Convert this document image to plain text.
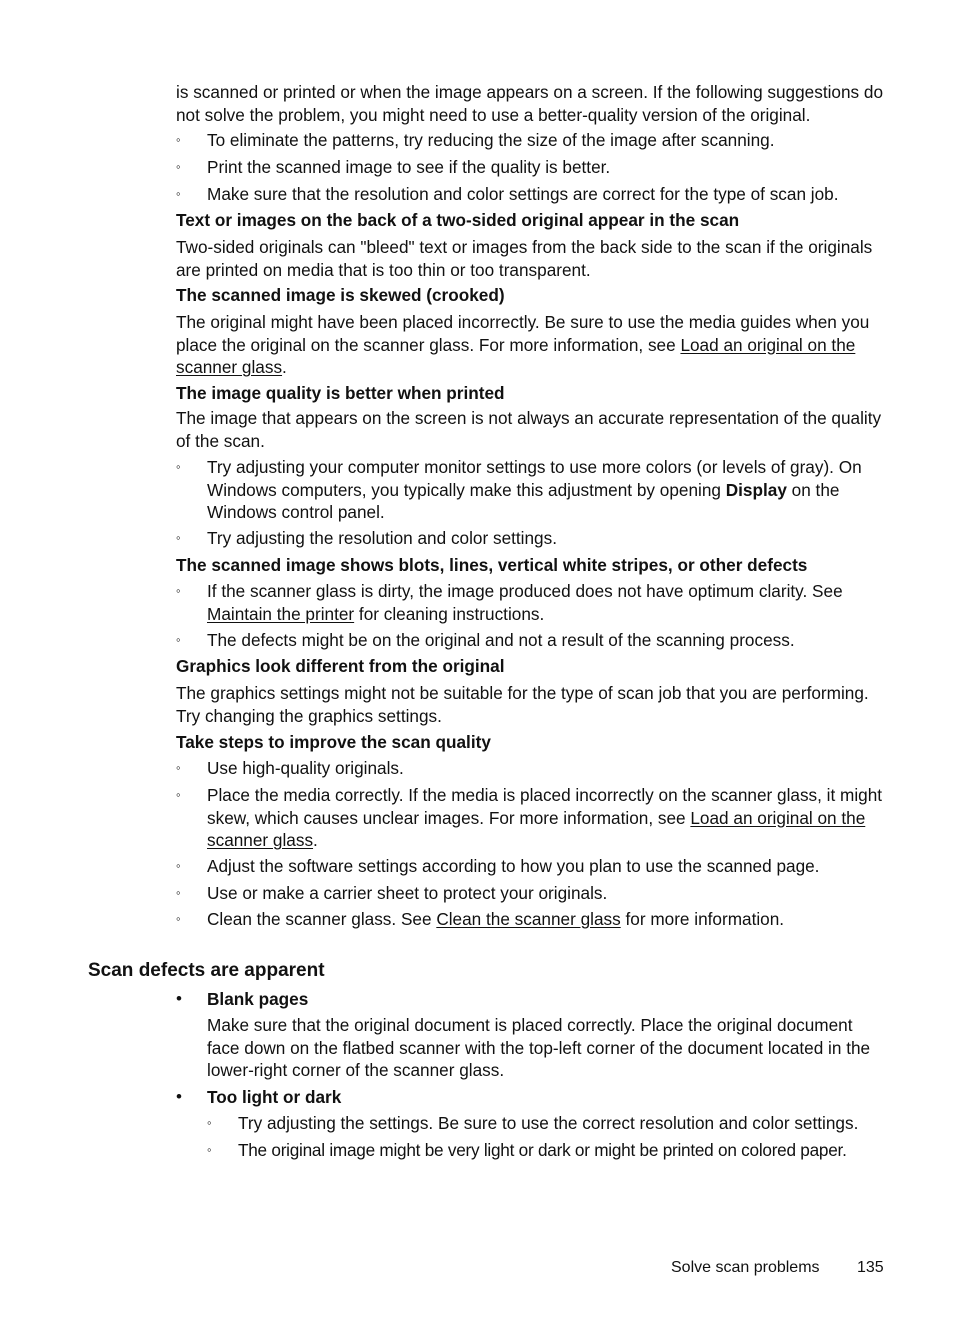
is scanned or printed or when the image appears on a screen. If the following suggestions do not solve the problem, you might need to use a better-quality version of the original.

◦	To eliminate the patterns, try reducing the size of the image after scanning.
◦	Print the scanned image to see if the quality is better.
◦	Make sure that the resolution and color settings are correct for the type of scan job.
Text or images on the back of a two-sided original appear in the scan

Two-sided originals can "bleed" text or images from the back side to the scan if the originals are printed on media that is too thin or too transparent.

The scanned image is skewed (crooked)

The original might have been placed incorrectly. Be sure to use the media guides when you place the original on the scanner glass. For more information, see Load an original on the scanner glass.

The image quality is better when printed

The image that appears on the screen is not always an accurate representation of the quality of the scan.

◦	Try adjusting your computer monitor settings to use more colors (or levels of gray). On Windows computers, you typically make this adjustment by opening Display on the Windows control panel.
◦	Try adjusting the resolution and color settings.
The scanned image shows blots, lines, vertical white stripes, or other defects
◦	If the scanner glass is dirty, the image produced does not have optimum clarity. See Maintain the printer for cleaning instructions.
◦	The defects might be on the original and not a result of the scanning process.
Graphics look different from the original

The graphics settings might not be suitable for the type of scan job that you are performing. Try changing the graphics settings.

Take steps to improve the scan quality
◦	Use high-quality originals.
◦	Place the media correctly. If the media is placed incorrectly on the scanner glass, it might skew, which causes unclear images. For more information, see Load an original on the scanner glass.
◦	Adjust the software settings according to how you plan to use the scanned page.
◦	Use or make a carrier sheet to protect your originals.
◦	Clean the scanner glass. See Clean the scanner glass for more information.
Scan defects are apparent
•	Blank pages

Make sure that the original document is placed correctly. Place the original document face down on the flatbed scanner with the top-left corner of the document located in the lower-right corner of the scanner glass.

•	Too light or dark
◦	Try adjusting the settings. Be sure to use the correct resolution and color settings.
◦	The original image might be very light or dark or might be printed on colored paper.
Solve scan problems 135
